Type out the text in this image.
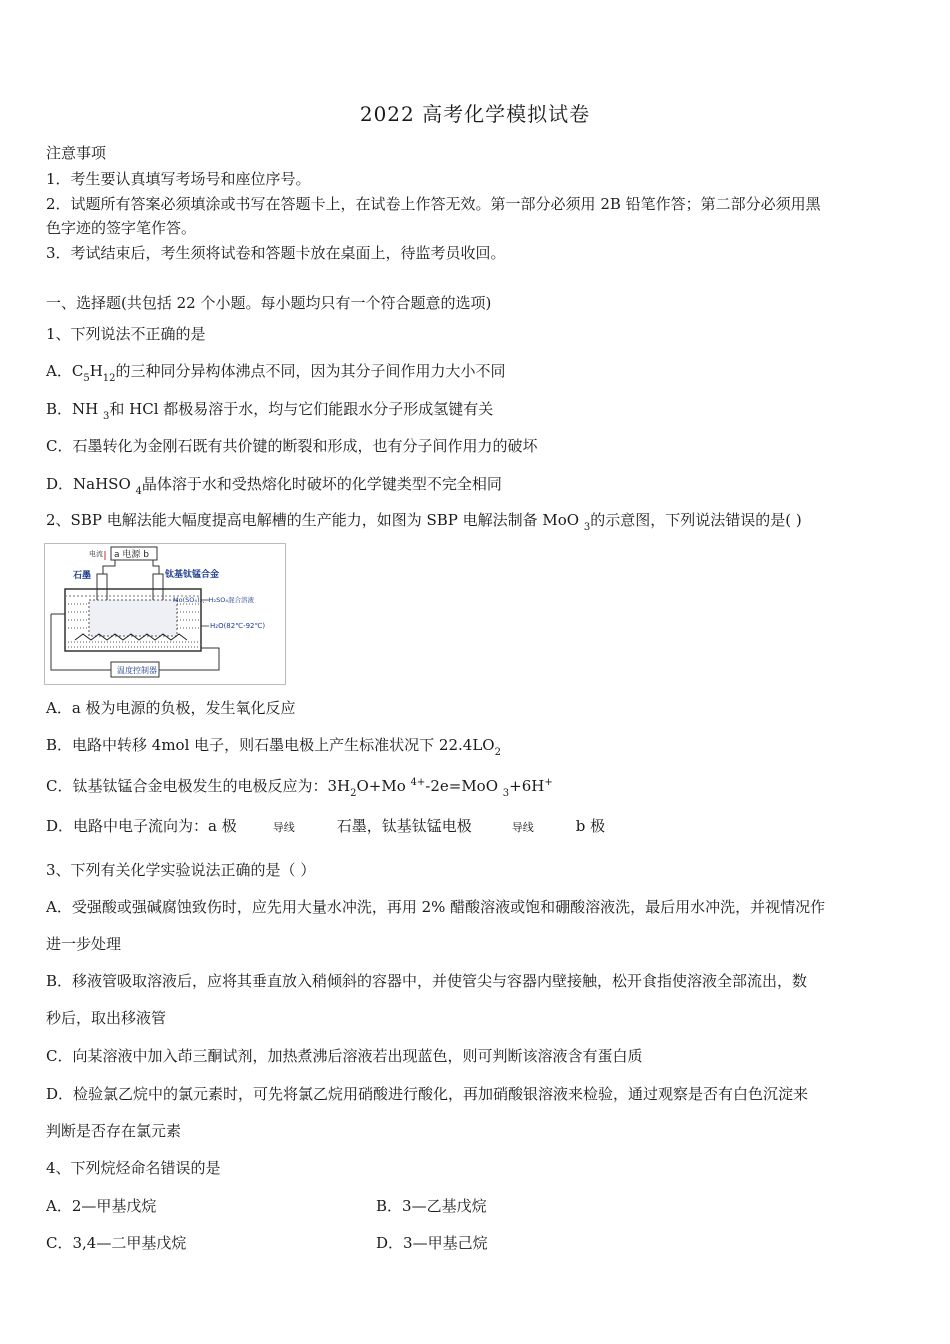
2022 高考化学模拟试卷
注意事项
1．考生要认真填写考场号和座位序号。
2．试题所有答案必须填涂或书写在答题卡上，在试卷上作答无效。第一部分必须用 2B 铅笔作答；第二部分必须用黑
色字迹的签字笔作答。
3．考试结束后，考生须将试卷和答题卡放在桌面上，待监考员收回。
一、选择题(共包括 22 个小题。每小题均只有一个符合题意的选项)
1、下列说法不正确的是
A．$C_5H_{12}$的三种同分异构体沸点不同，因为其分子间作用力大小不同
B．NH $_3$和 HCl 都极易溶于水，均与它们能跟水分子形成氢键有关
C．石墨转化为金刚石既有共价键的断裂和形成，也有分子间作用力的破坏
D．NaHSO $_4$晶体溶于水和受热熔化时破坏的化学键类型不完全相同
2、SBP 电解法能大幅度提高电解槽的生产能力，如图为 SBP 电解法制备 MoO $_3$的示意图，下列说法错误的是( )
电流 a 电源 b
石墨	钛基钛锰合金
Mo(SO₄)₂、H₂SO₄混合溶液
H₂O(82℃-92℃)
温度控制器
A．a 极为电源的负极，发生氧化反应
B．电路中转移 4mol 电子，则石墨电极上产生标准状况下 $22.4LO_2$
C．钛基钛锰合金电极发生的电极反应为：$3H_2O+Mo$ $^{4+}$-2e=MoO $_3$+6H+
D．电路中电子流向为：a 极	导线	石墨，钛基钛锰电极	导线	b 极
3、下列有关化学实验说法正确的是（ ）
A．受强酸或强碱腐蚀致伤时，应先用大量水冲洗，再用 2% 醋酸溶液或饱和硼酸溶液洗，最后用水冲洗，并视情况作
进一步处理
B．移液管吸取溶液后，应将其垂直放入稍倾斜的容器中，并使管尖与容器内壁接触，松开食指使溶液全部流出，数
秒后，取出移液管
C．向某溶液中加入茚三酮试剂，加热煮沸后溶液若出现蓝色，则可判断该溶液含有蛋白质
D．检验氯乙烷中的氯元素时，可先将氯乙烷用硝酸进行酸化，再加硝酸银溶液来检验，通过观察是否有白色沉淀来
判断是否存在氯元素
4、下列烷烃命名错误的是
A．2—甲基戊烷	B．3—乙基戊烷
C．3,4—二甲基戊烷	D．3—甲基己烷
